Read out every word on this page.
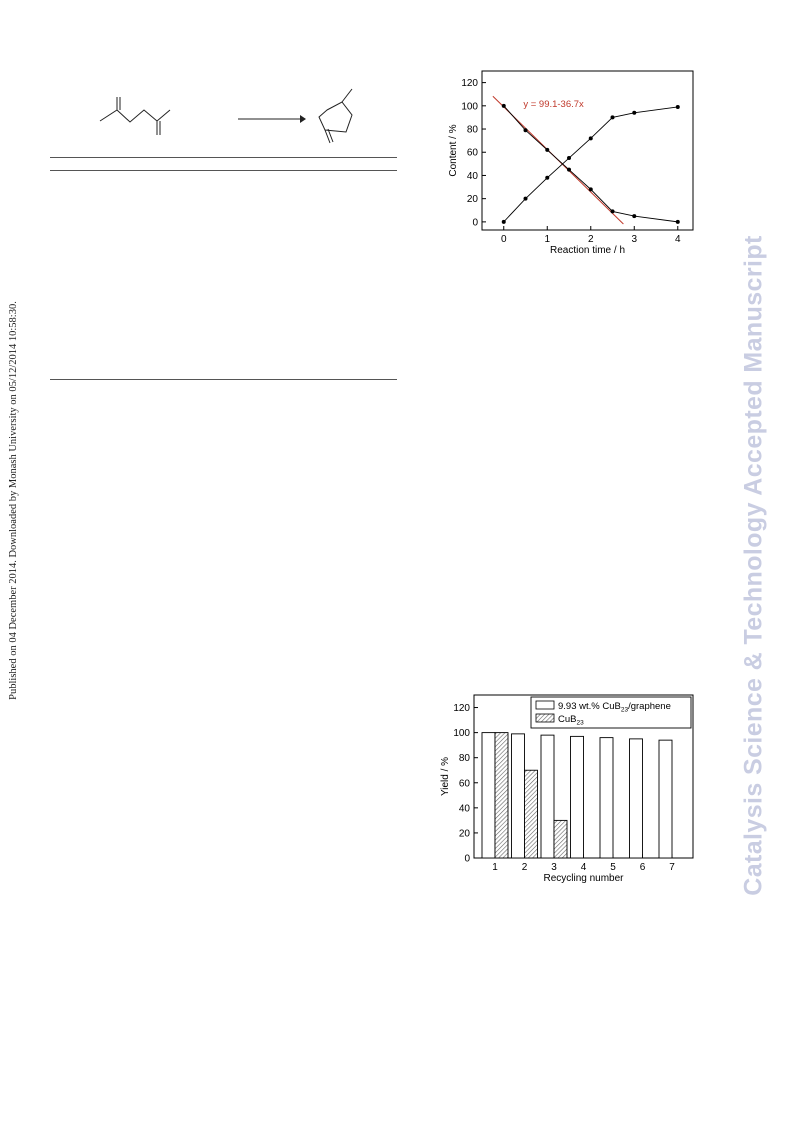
Published on 04 December 2014. Downloaded by Monash University on 05/12/2014 10:58:30.	Catalysis Science & Technology Accepted Manuscript
0
20
40
60
80
100
120
0	1	2	3	4
y = 99.1-36.7x
Reaction time / h
Content / %
0
20
40
60
80
100
120
1 2 3 4 5 6 7
9.93 wt.% CuB$_{23}$/graphene
CuB$_{23}$
Recycling number
Yield / %
